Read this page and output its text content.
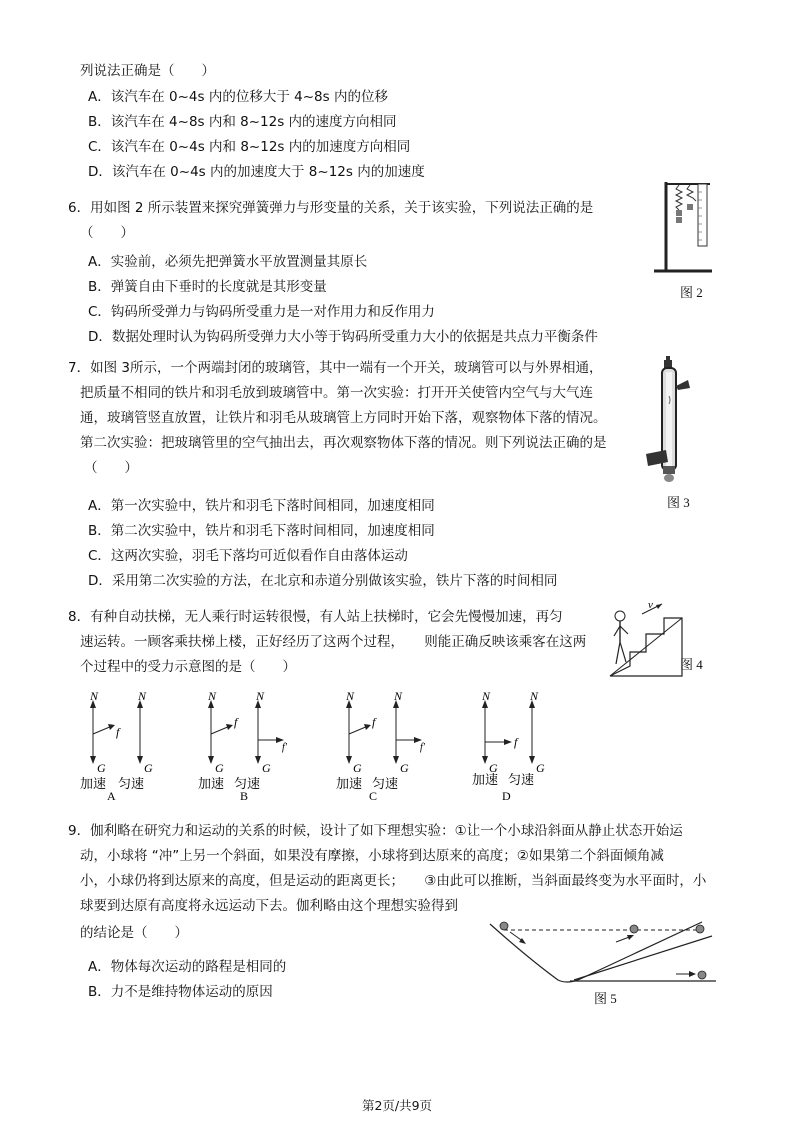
列说法正确是（　　）
A．该汽车在 0~4s 内的位移大于 4~8s 内的位移
B．该汽车在 4~8s 内和 8~12s 内的速度方向相同
C．该汽车在 0~4s 内和 8~12s 内的加速度方向相同
D．该汽车在 0~4s 内的加速度大于 8~12s 内的加速度
6．用如图 2 所示装置来探究弹簧弹力与形变量的关系，关于该实验，下列说法正确的是
（　　）
A．实验前，必须先把弹簧水平放置测量其原长
B．弹簧自由下垂时的长度就是其形变量
C．钩码所受弹力与钩码所受重力是一对作用力和反作用力
D．数据处理时认为钩码所受弹力大小等于钩码所受重力大小的依据是共点力平衡条件
图 2
7．如图 3所示，一个两端封闭的玻璃管，其中一端有一个开关，玻璃管可以与外界相通，
把质量不相同的铁片和羽毛放到玻璃管中。第一次实验：打开开关使管内空气与大气连
通，玻璃管竖直放置，让铁片和羽毛从玻璃管上方同时开始下落，观察物体下落的情况。
第二次实验：把玻璃管里的空气抽出去，再次观察物体下落的情况。则下列说法正确的是
（　　）
A．第一次实验中，铁片和羽毛下落时间相同，加速度相同
B．第二次实验中，铁片和羽毛下落时间相同，加速度相同
C．这两次实验，羽毛下落均可近似看作自由落体运动
D．采用第二次实验的方法，在北京和赤道分别做该实验，铁片下落的时间相同
图 3
8．有种自动扶梯，无人乘行时运转很慢，有人站上扶梯时，它会先慢慢加速，再匀
速运转。一顾客乘扶梯上楼，正好经历了这两个过程，　　则能正确反映该乘客在这两
个过程中的受力示意图的是（　　）
v
图 4
N	N
f
G	G
加速 匀速
A
N	N
f
f′
G	G
加速 匀速
B
N	N
f
f′
G	G
加速 匀速
C
N	N
f
G	G
加速 匀速
D
9．伽利略在研究力和运动的关系的时候，设计了如下理想实验：①让一个小球沿斜面从静止状态开始运
动，小球将 “冲”上另一个斜面，如果没有摩擦，小球将到达原来的高度；②如果第二个斜面倾角减
小，小球仍将到达原来的高度，但是运动的距离更长；　　③由此可以推断，当斜面最终变为水平面时，小
球要到达原有高度将永远运动下去。伽利略由这个理想实验得到
的结论是（　　）
A．物体每次运动的路程是相同的
B．力不是维持物体运动的原因	图 5
第2页/共9页
